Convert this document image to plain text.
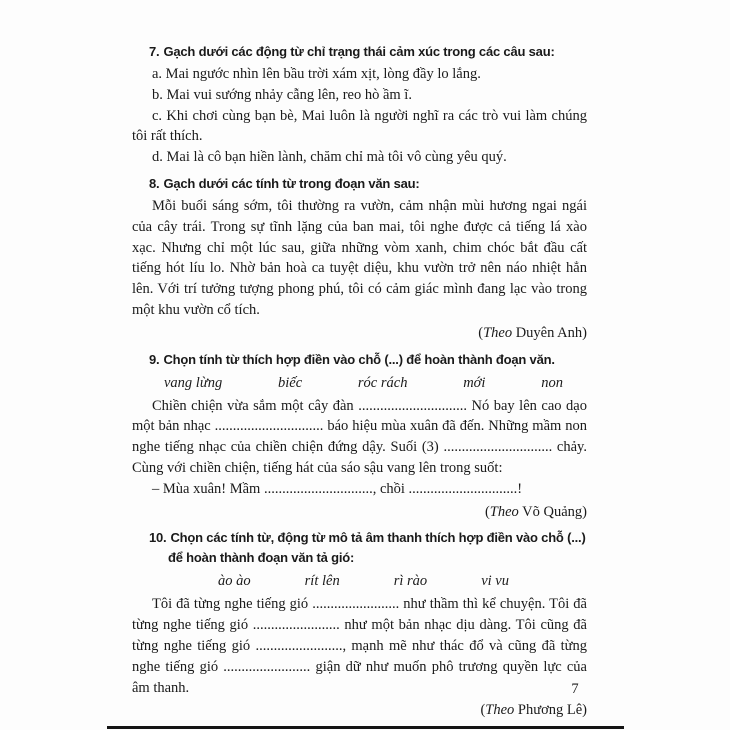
7. Gạch dưới các động từ chỉ trạng thái cảm xúc trong các câu sau:

a. Mai ngước nhìn lên bầu trời xám xịt, lòng đầy lo lắng.

b. Mai vui sướng nhảy cẫng lên, reo hò ầm ĩ.

c. Khi chơi cùng bạn bè, Mai luôn là người nghĩ ra các trò vui làm chúng tôi rất thích.

d. Mai là cô bạn hiền lành, chăm chỉ mà tôi vô cùng yêu quý.

8. Gạch dưới các tính từ trong đoạn văn sau:

Mỗi buổi sáng sớm, tôi thường ra vườn, cảm nhận mùi hương ngai ngái của cây trái. Trong sự tĩnh lặng của ban mai, tôi nghe được cả tiếng lá xào xạc. Nhưng chỉ một lúc sau, giữa những vòm xanh, chim chóc bắt đầu cất tiếng hót líu lo. Nhờ bản hoà ca tuyệt diệu, khu vườn trở nên náo nhiệt hẳn lên. Với trí tưởng tượng phong phú, tôi có cảm giác mình đang lạc vào trong một khu vườn cổ tích.

(Theo Duyên Anh)

9. Chọn tính từ thích hợp điền vào chỗ (...) để hoàn thành đoạn văn.
vang lừng	biếc	róc rách	mới	non

Chiền chiện vừa sắm một cây đàn .............................. Nó bay lên cao dạo một bản nhạc .............................. báo hiệu mùa xuân đã đến. Những mầm non nghe tiếng nhạc của chiền chiện đứng dậy. Suối (3) .............................. chảy. Cùng với chiền chiện, tiếng hát của sáo sậu vang lên trong suốt:

– Mùa xuân! Mầm .............................., chồi ..............................!

(Theo Võ Quảng)

10. Chọn các tính từ, động từ mô tả âm thanh thích hợp điền vào chỗ (...)
để hoàn thành đoạn văn tả gió:
ào ào	rít lên	rì rào	vi vu

Tôi đã từng nghe tiếng gió ........................ như thầm thì kể chuyện. Tôi đã từng nghe tiếng gió ........................ như một bản nhạc dịu dàng. Tôi cũng đã từng nghe tiếng gió ........................, mạnh mẽ như thác đổ và cũng đã từng nghe tiếng gió ........................ giận dữ như muốn phô trương quyền lực của âm thanh.

(Theo Phương Lê)

7
